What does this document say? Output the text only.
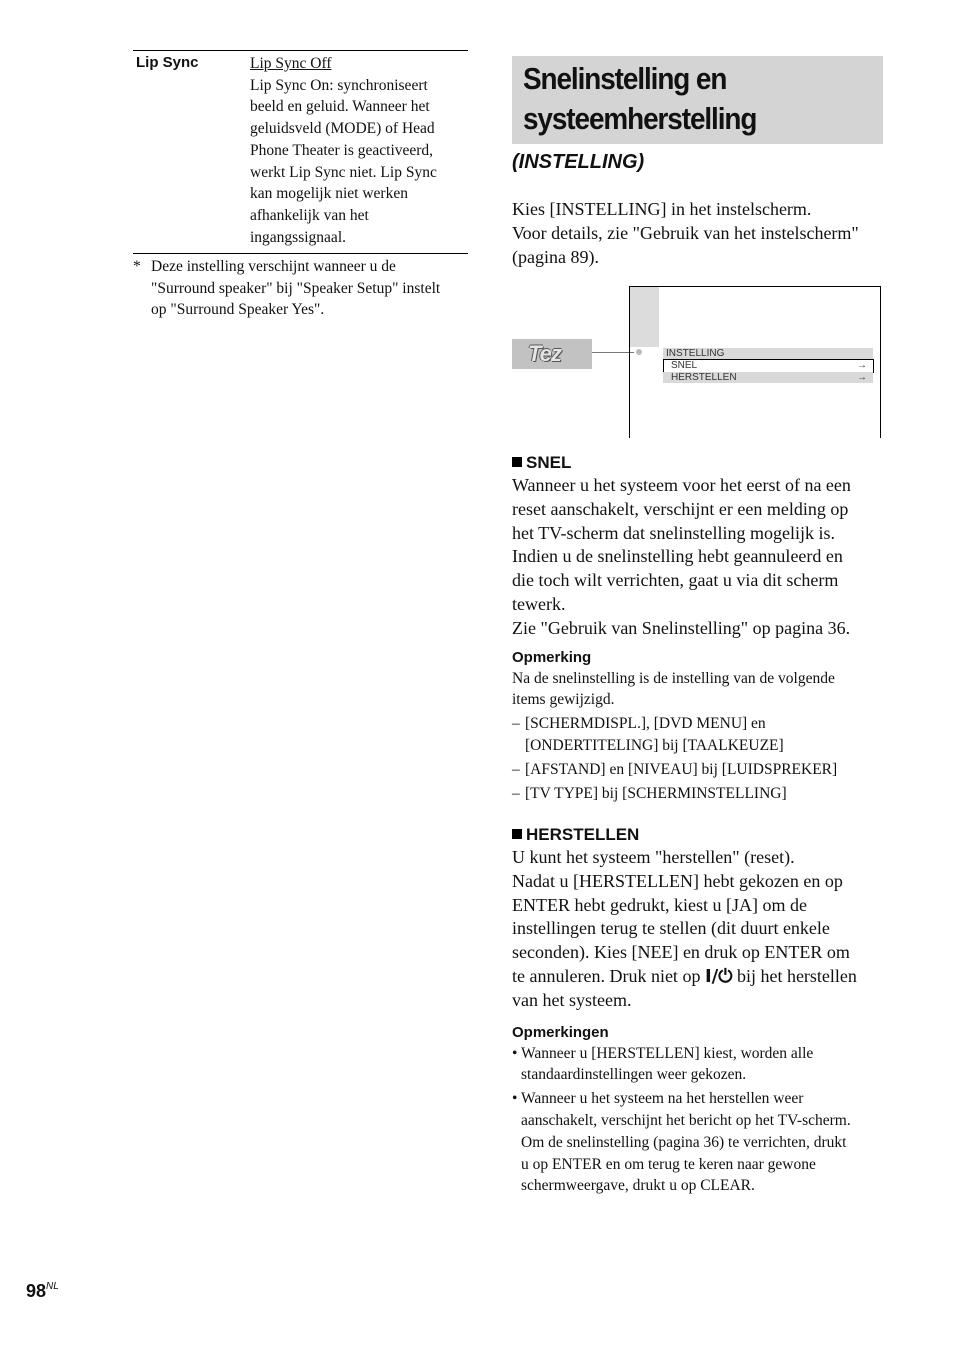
Lip Sync	Lip Sync Off
Lip Sync On: synchroniseert
beeld en geluid. Wanneer het
geluidsveld (MODE) of Head
Phone Theater is geactiveerd,
werkt Lip Sync niet. Lip Sync
kan mogelijk niet werken
afhankelijk van het
ingangssignaal.
* Deze instelling verschijnt wanneer u de
"Surround speaker" bij "Speaker Setup" instelt
op "Surround Speaker Yes".
Snelinstelling en
systeemherstelling
(INSTELLING)
Kies [INSTELLING] in het instelscherm.
Voor details, zie "Gebruik van het instelscherm"
(pagina 89).
Tez	INSTELLING
SNEL	→
HERSTELLEN	→
SNEL
Wanneer u het systeem voor het eerst of na een
reset aanschakelt, verschijnt er een melding op
het TV-scherm dat snelinstelling mogelijk is.
Indien u de snelinstelling hebt geannuleerd en
die toch wilt verrichten, gaat u via dit scherm
tewerk.
Zie "Gebruik van Snelinstelling" op pagina 36.
Opmerking
Na de snelinstelling is de instelling van de volgende
items gewijzigd.
– [SCHERMDISPL.], [DVD MENU] en
[ONDERTITELING] bij [TAALKEUZE]
– [AFSTAND] en [NIVEAU] bij [LUIDSPREKER]
– [TV TYPE] bij [SCHERMINSTELLING]
HERSTELLEN
U kunt het systeem "herstellen" (reset).
Nadat u [HERSTELLEN] hebt gekozen en op
ENTER hebt gedrukt, kiest u [JA] om de
instellingen terug te stellen (dit duurt enkele
seconden). Kies [NEE] en druk op ENTER om
te annuleren. Druk niet op I/⏻ bij het herstellen
van het systeem.
Opmerkingen
• Wanneer u [HERSTELLEN] kiest, worden alle
standaardinstellingen weer gekozen.
• Wanneer u het systeem na het herstellen weer
aanschakelt, verschijnt het bericht op het TV-scherm.
Om de snelinstelling (pagina 36) te verrichten, drukt
u op ENTER en om terug te keren naar gewone
schermweergave, drukt u op CLEAR.
$98^{NL}$
